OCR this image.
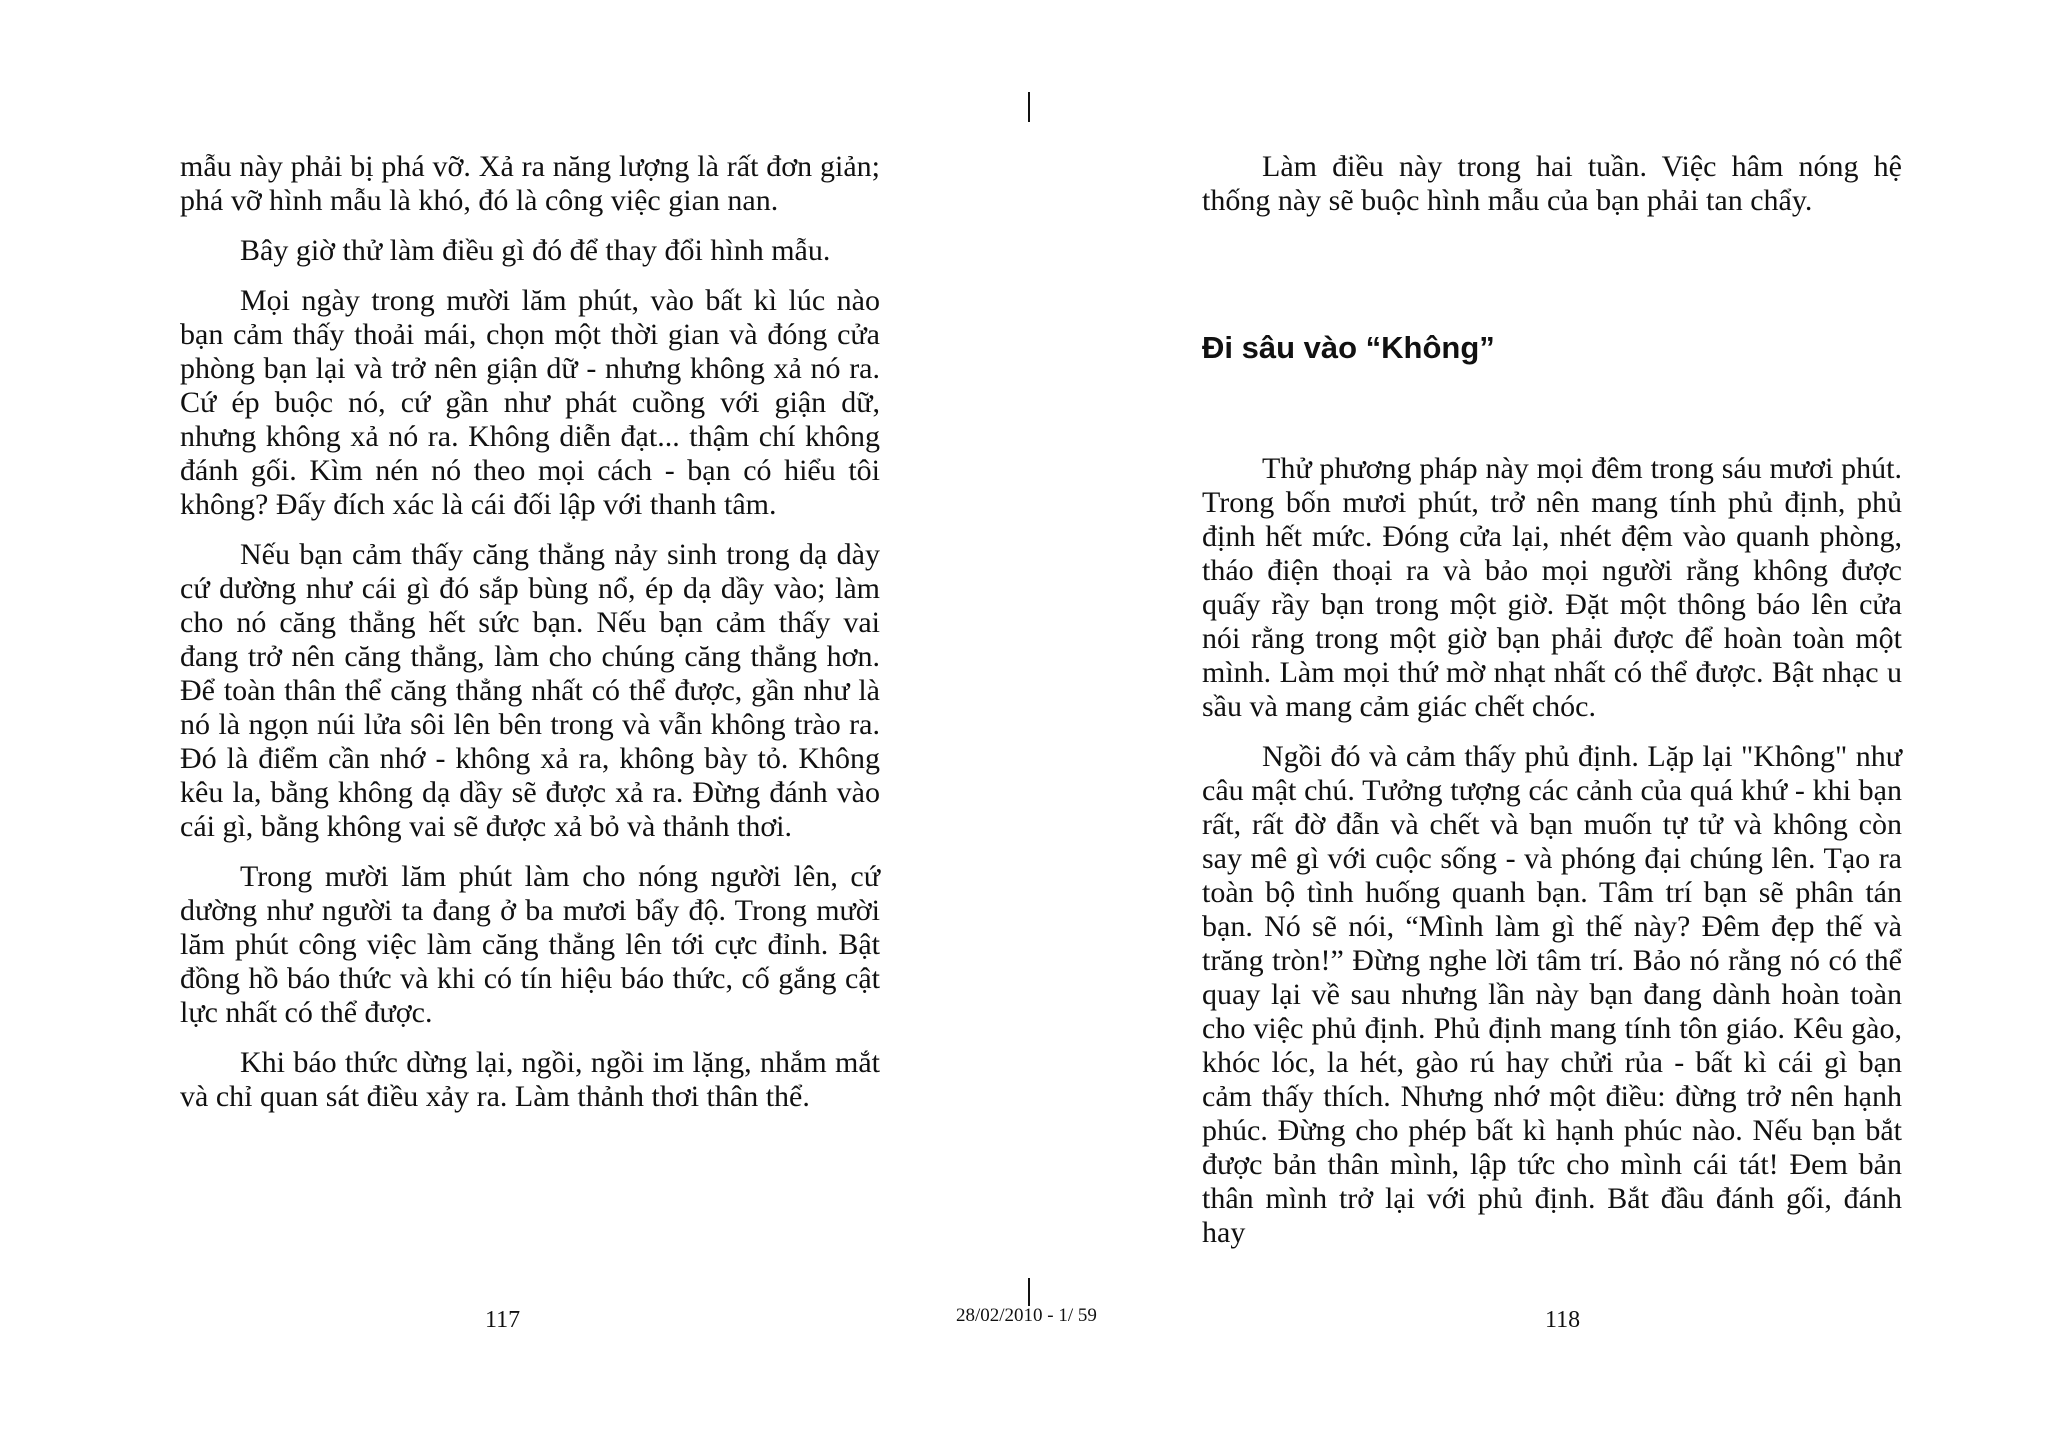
mẫu này phải bị phá vỡ. Xả ra năng lượng là rất đơn giản; phá vỡ hình mẫu là khó, đó là công việc gian nan.

Bây giờ thử làm điều gì đó để thay đổi hình mẫu.

Mọi ngày trong mười lăm phút, vào bất kì lúc nào bạn cảm thấy thoải mái, chọn một thời gian và đóng cửa phòng bạn lại và trở nên giận dữ - nhưng không xả nó ra. Cứ ép buộc nó, cứ gần như phát cuồng với giận dữ, nhưng không xả nó ra. Không diễn đạt... thậm chí không đánh gối. Kìm nén nó theo mọi cách - bạn có hiểu tôi không? Đấy đích xác là cái đối lập với thanh tâm.

Nếu bạn cảm thấy căng thẳng nảy sinh trong dạ dày cứ dường như cái gì đó sắp bùng nổ, ép dạ dầy vào; làm cho nó căng thẳng hết sức bạn. Nếu bạn cảm thấy vai đang trở nên căng thẳng, làm cho chúng căng thẳng hơn. Để toàn thân thể căng thẳng nhất có thể được, gần như là nó là ngọn núi lửa sôi lên bên trong và vẫn không trào ra. Đó là điểm cần nhớ - không xả ra, không bày tỏ. Không kêu la, bằng không dạ dầy sẽ được xả ra. Đừng đánh vào cái gì, bằng không vai sẽ được xả bỏ và thảnh thơi.

Trong mười lăm phút làm cho nóng người lên, cứ dường như người ta đang ở ba mươi bẩy độ. Trong mười lăm phút công việc làm căng thẳng lên tới cực đỉnh. Bật đồng hồ báo thức và khi có tín hiệu báo thức, cố gắng cật lực nhất có thể được.

Khi báo thức dừng lại, ngồi, ngồi im lặng, nhắm mắt và chỉ quan sát điều xảy ra. Làm thảnh thơi thân thể.

Làm điều này trong hai tuần. Việc hâm nóng hệ thống này sẽ buộc hình mẫu của bạn phải tan chẩy.

Đi sâu vào “Không”

Thử phương pháp này mọi đêm trong sáu mươi phút. Trong bốn mươi phút, trở nên mang tính phủ định, phủ định hết mức. Đóng cửa lại, nhét đệm vào quanh phòng, tháo điện thoại ra và bảo mọi người rằng không được quấy rầy bạn trong một giờ. Đặt một thông báo lên cửa nói rằng trong một giờ bạn phải được để hoàn toàn một mình. Làm mọi thứ mờ nhạt nhất có thể được. Bật nhạc u sầu và mang cảm giác chết chóc.

Ngồi đó và cảm thấy phủ định. Lặp lại "Không" như câu mật chú. Tưởng tượng các cảnh của quá khứ - khi bạn rất, rất đờ đẫn và chết và bạn muốn tự tử và không còn say mê gì với cuộc sống - và phóng đại chúng lên. Tạo ra toàn bộ tình huống quanh bạn. Tâm trí bạn sẽ phân tán bạn. Nó sẽ nói, “Mình làm gì thế này? Đêm đẹp thế và trăng tròn!” Đừng nghe lời tâm trí. Bảo nó rằng nó có thể quay lại về sau nhưng lần này bạn đang dành hoàn toàn cho việc phủ định. Phủ định mang tính tôn giáo. Kêu gào, khóc lóc, la hét, gào rú hay chửi rủa - bất kì cái gì bạn cảm thấy thích. Nhưng nhớ một điều: đừng trở nên hạnh phúc. Đừng cho phép bất kì hạnh phúc nào. Nếu bạn bắt được bản thân mình, lập tức cho mình cái tát! Đem bản thân mình trở lại với phủ định. Bắt đầu đánh gối, đánh hay

117	28/02/2010 - 1/ 59	118
